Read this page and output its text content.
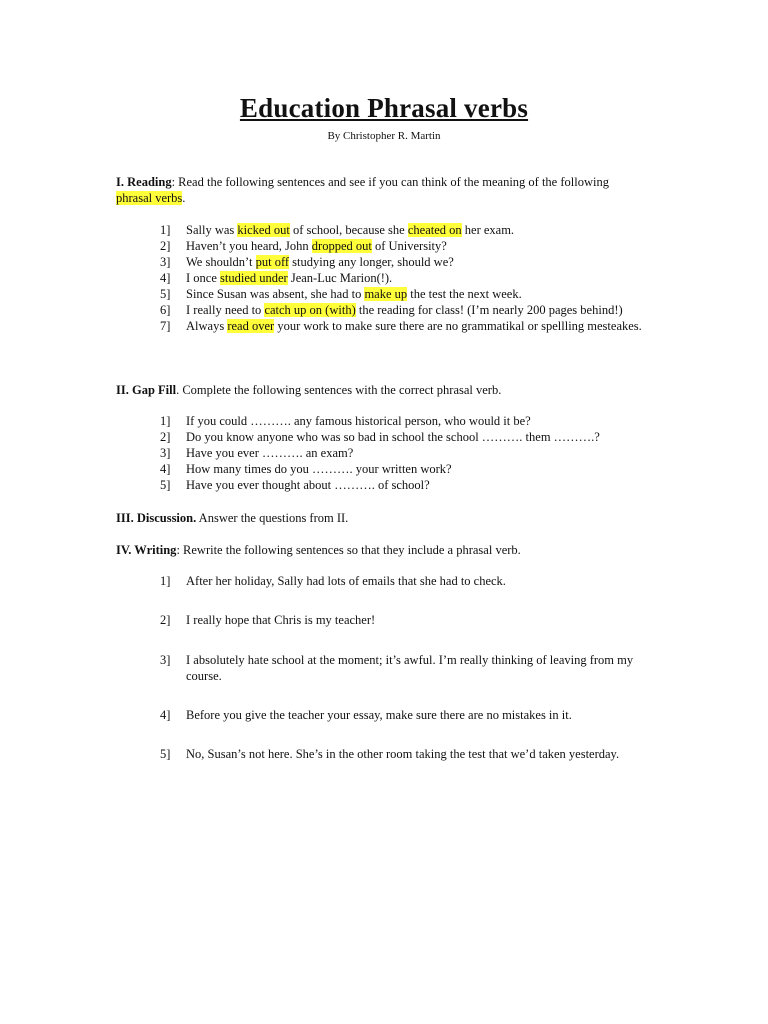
Education Phrasal verbs
By Christopher R. Martin
I. Reading: Read the following sentences and see if you can think of the meaning of the following phrasal verbs.
1]	Sally was kicked out of school, because she cheated on her exam.
2]	Haven’t you heard, John dropped out of University?
3]	We shouldn’t put off studying any longer, should we?
4]	I once studied under Jean-Luc Marion(!).
5]	Since Susan was absent, she had to make up the test the next week.
6]	I really need to catch up on (with) the reading for class! (I’m nearly 200 pages behind!)
7]	Always read over your work to make sure there are no grammatikal or spellling mesteakes.
II. Gap Fill. Complete the following sentences with the correct phrasal verb.
1]	If you could ………. any famous historical person, who would it be?
2]	Do you know anyone who was so bad in school the school ………. them ……….?
3]	Have you ever ………. an exam?
4]	How many times do you ………. your written work?
5]	Have you ever thought about ………. of school?
III. Discussion. Answer the questions from II.
IV. Writing: Rewrite the following sentences so that they include a phrasal verb.
1]	After her holiday, Sally had lots of emails that she had to check.
2]	I really hope that Chris is my teacher!
3]	I absolutely hate school at the moment; it’s awful. I’m really thinking of leaving from my course.
4]	Before you give the teacher your essay, make sure there are no mistakes in it.
5]	No, Susan’s not here. She’s in the other room taking the test that we’d taken yesterday.
